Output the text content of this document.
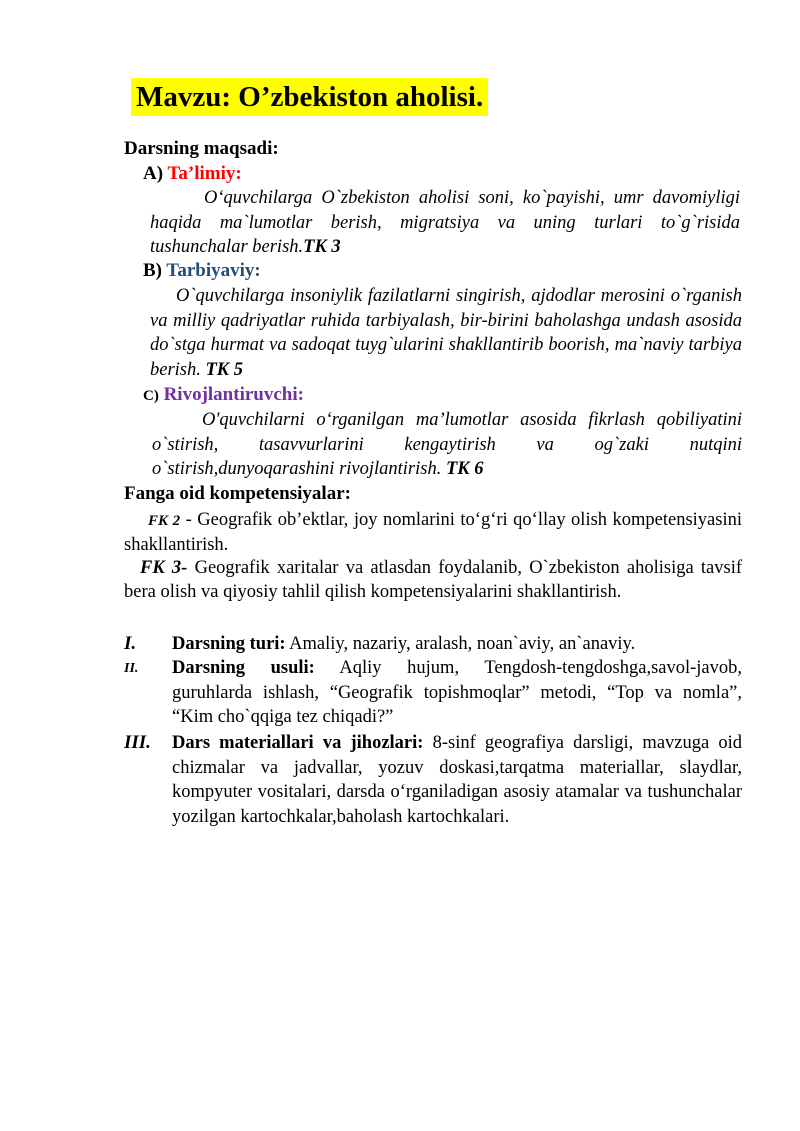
Mavzu: O’zbekiston aholisi.
Darsning maqsadi:
A) Ta’limiy:
O‘quvchilarga O`zbekiston aholisi soni, ko`payishi, umr davomiyligi haqida ma`lumotlar berish, migratsiya va uning turlari to`g`risida tushunchalar berish.TK 3
B) Tarbiyaviy:
O`quvchilarga insoniylik fazilatlarni singirish, ajdodlar merosini o`rganish va milliy qadriyatlar ruhida tarbiyalash, bir-birini baholashga undash asosida do`stga hurmat va sadoqat tuyg`ularini shakllantirib boorish, ma`naviy tarbiya berish. TK 5
C) Rivojlantiruvchi:
O'quvchilarni o‘rganilgan ma’lumotlar asosida fikrlash qobiliyatini o`stirish, tasavvurlarini kengaytirish va og`zaki nutqini o`stirish,dunyoqarashini rivojlantirish. TK 6
Fanga oid kompetensiyalar:
FK 2 - Geografik ob’ektlar, joy nomlarini to‘g‘ri qo‘llay olish kompetensiyasini shakllantirish.
FK 3- Geografik xaritalar va atlasdan foydalanib, O`zbekiston aholisiga tavsif bera olish va qiyosiy tahlil qilish kompetensiyalarini shakllantirish.
I. Darsning turi: Amaliy, nazariy, aralash, noan`aviy, an`anaviy.
II. Darsning usuli: Aqliy hujum, Tengdosh-tengdoshga,savol-javob, guruhlarda ishlash, “Geografik topishmoqlar” metodi, “Top va nomla”, “Kim cho`qqiga tez chiqadi?”
III. Dars materiallari va jihozlari: 8-sinf geografiya darsligi, mavzuga oid chizmalar va jadvallar, yozuv doskasi,tarqatma materiallar, slaydlar, kompyuter vositalari, darsda o‘rganiladigan asosiy atamalar va tushunchalar yozilgan kartochkalar,baholash kartochkalari.
